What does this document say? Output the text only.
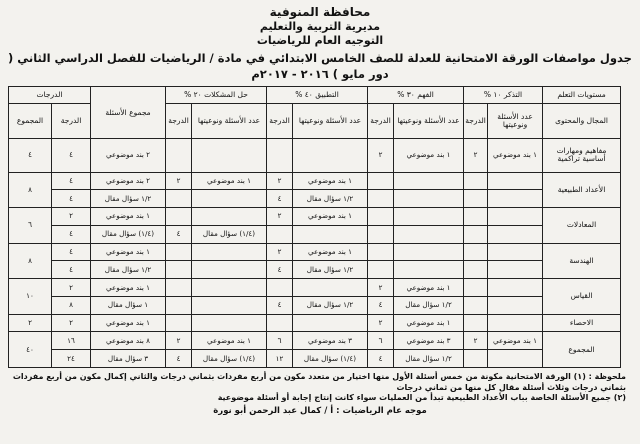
محافظة المنوفية
مديرية التربية والتعليم
التوجيه العام للرياضيات
جدول مواصفات الورقة الامتحانية للعدلة للصف الخامس الابتدائي في مادة / الرياضيات للفصل الدراسي الثاني ( دور مايو ) ٢٠١٦ - ٢٠١٧م
مستويات التعلم	التذكر ١٠ %		الفهم ٣٠ %		التطبيق ٤٠ %		حل المشكلات ٢٠ %		مجموع الأسئلة	الدرجات	
المجال والمحتوى	عدد الأسئلة ونوعيتها	الدرجة	عدد الأسئلة ونوعيتها	الدرجة	عدد الأسئلة ونوعيتها	الدرجة	عدد الأسئلة ونوعيتها	الدرجة		الدرجة	المجموع
مفاهيم ومهارات أساسية تراكمية	١ بند موضوعي	٢	١ بند موضوعي	٢					٢ بند موضوعي	٤	٤
الأعداد الطبيعية					١ بند موضوعي	٢	١ بند موضوعي	٢	٢ بند موضوعي	٤	٨
					١/٢ سؤال مقال	٤			١/٢ سؤال مقال	٤	
المعادلات					١ بند موضوعي	٢			١ بند موضوعي	٢	٦
							(١/٤) سؤال مقال	٤	(١/٤) سؤال مقال	٤	
الهندسة					١ بند موضوعي	٢			١ بند موضوعي	٤	٨
					١/٢ سؤال مقال	٤			١/٢ سؤال مقال	٤	
القياس			١ بند موضوعي	٢					١ بند موضوعي	٢	١٠
			١/٢ سؤال مقال	٤	١/٢ سؤال مقال	٤			١ سؤال مقال	٨	
الاحصاء			١ بند موضوعي	٢					١ بند موضوعي	٢	٢
المجموع	١ بند موضوعي	٢	٣ بند موضوعي	٦	٣ بند موضوعي	٦	١ بند موضوعي	٢	٨ بند موضوعي	١٦	٤٠
			١/٢ سؤال مقال	٤	(١/٤) سؤال مقال	١٢	(١/٤) سؤال مقال	٤	٣ سؤال مقال	٢٤	
ملحوظة : (١) الورقة الامتحانية مكونة من خمس أسئلة الأول منها اختيار من متعدد مكون من أربع مفردات بثماني درجات والثاني إكمال مكون من أربع مفردات
بثماني درجات وثلاث أسئلة مقال كل منها من ثماني درجات
(٢) جميع الأسئلة الخاصة بباب الأعداد الطبيعية تبدأ من العمليات سواء كانت إنتاج إجابة أو أسئلة موضوعية
موجه عام الرياضيات : أ / كمال عبد الرحمن أبو نورة
